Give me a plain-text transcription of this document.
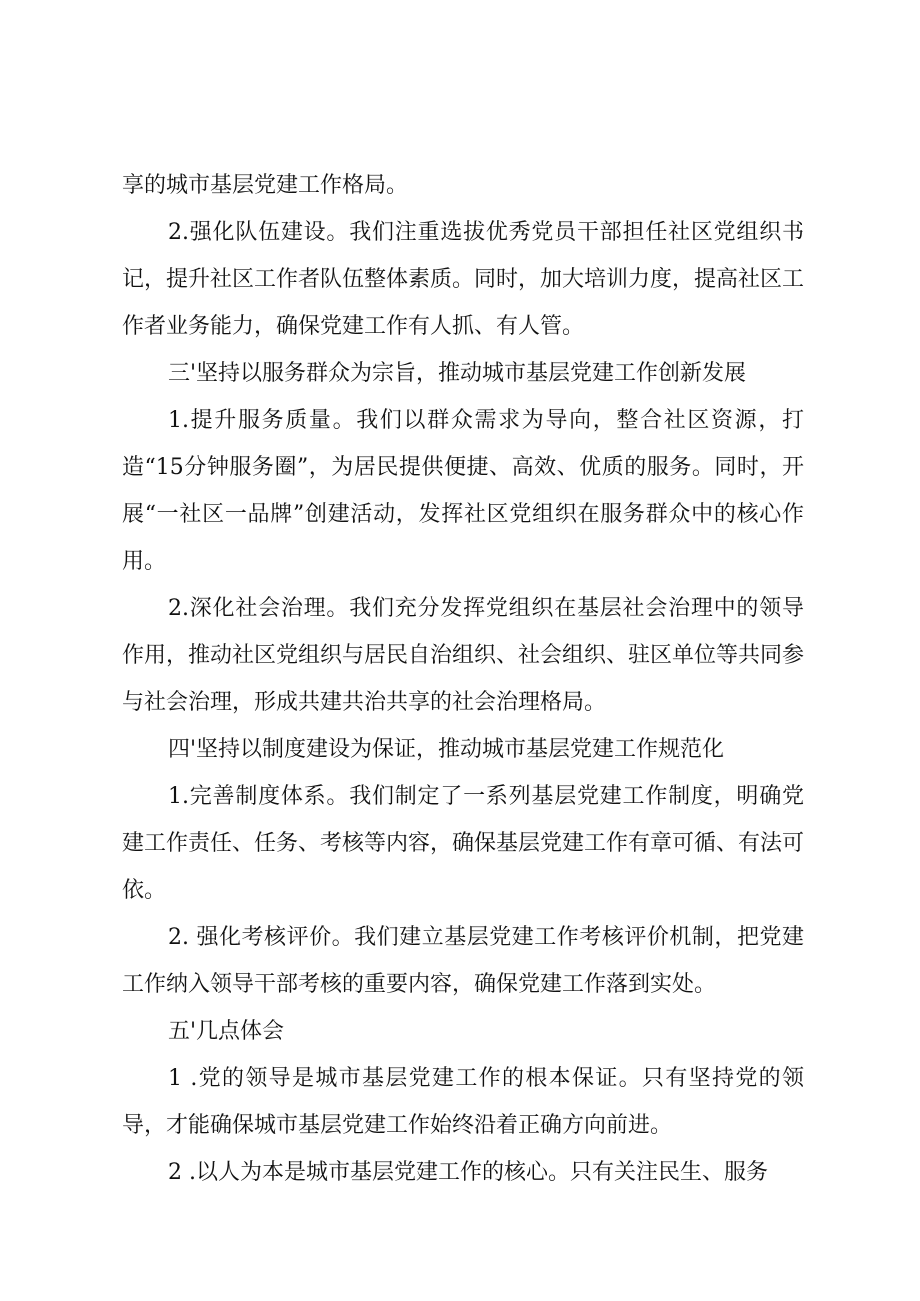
享的城市基层党建工作格局。

2.强化队伍建设。我们注重选拔优秀党员干部担任社区党组织书记，提升社区工作者队伍整体素质。同时，加大培训力度，提高社区工作者业务能力，确保党建工作有人抓、有人管。

三'坚持以服务群众为宗旨，推动城市基层党建工作创新发展

1.提升服务质量。我们以群众需求为导向，整合社区资源，打造“15分钟服务圈”，为居民提供便捷、高效、优质的服务。同时，开展“一社区一品牌”创建活动，发挥社区党组织在服务群众中的核心作用。

2.深化社会治理。我们充分发挥党组织在基层社会治理中的领导作用，推动社区党组织与居民自治组织、社会组织、驻区单位等共同参与社会治理，形成共建共治共享的社会治理格局。

四'坚持以制度建设为保证，推动城市基层党建工作规范化

1.完善制度体系。我们制定了一系列基层党建工作制度，明确党建工作责任、任务、考核等内容，确保基层党建工作有章可循、有法可依。

2. 强化考核评价。我们建立基层党建工作考核评价机制，把党建工作纳入领导干部考核的重要内容，确保党建工作落到实处。

五'几点体会

1 .党的领导是城市基层党建工作的根本保证。只有坚持党的领导，才能确保城市基层党建工作始终沿着正确方向前进。

2 .以人为本是城市基层党建工作的核心。只有关注民生、服务
